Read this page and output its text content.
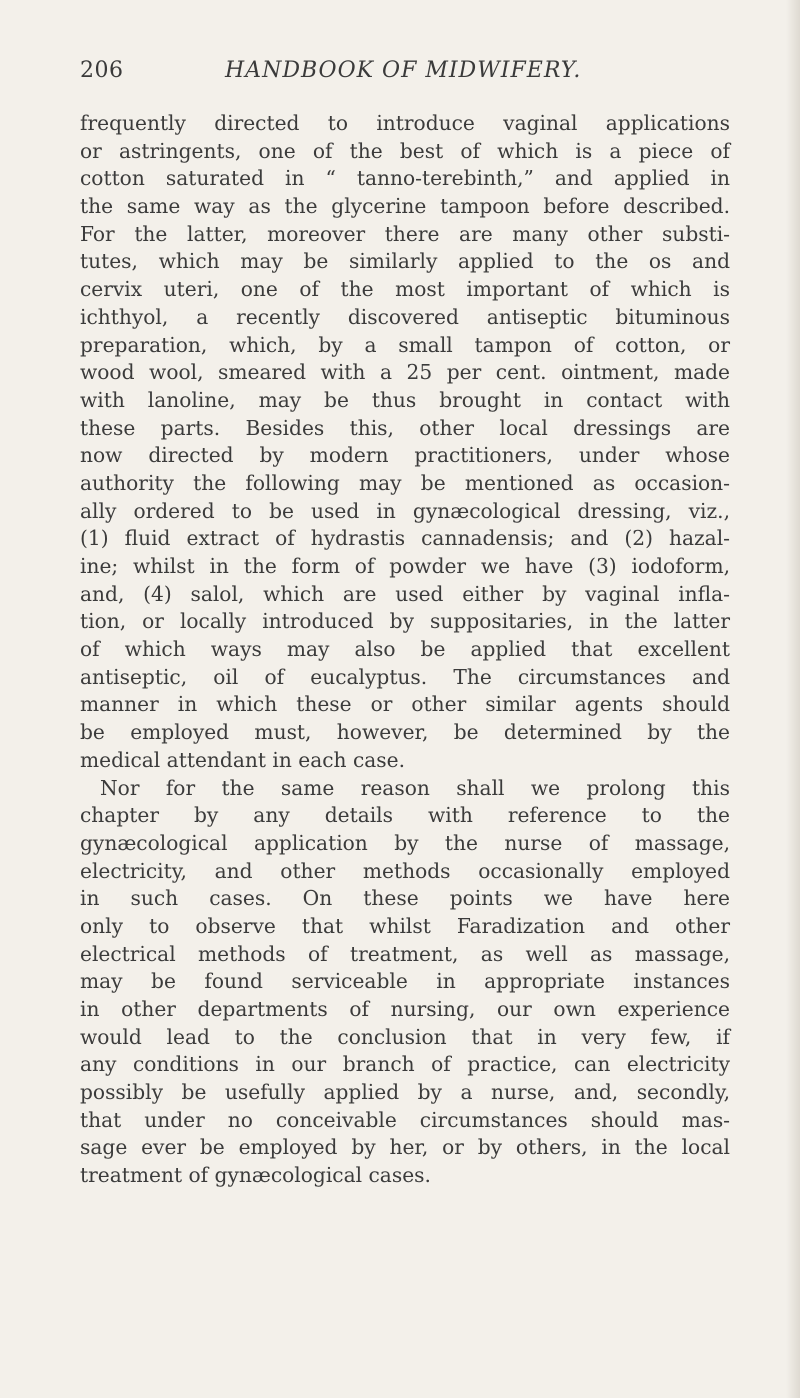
206	HANDBOOK OF MIDWIFERY.
frequently directed to introduce vaginal applications
or astringents, one of the best of which is a piece of
cotton saturated in “ tanno-terebinth,” and applied in
the same way as the glycerine tampoon before described.
For the latter, moreover there are many other substi-
tutes, which may be similarly applied to the os and
cervix uteri, one of the most important of which is
ichthyol, a recently discovered antiseptic bituminous
preparation, which, by a small tampon of cotton, or
wood wool, smeared with a 25 per cent. ointment, made
with lanoline, may be thus brought in contact with
these parts. Besides this, other local dressings are
now directed by modern practitioners, under whose
authority the following may be mentioned as occasion-
ally ordered to be used in gynæcological dressing, viz.,
(1) fluid extract of hydrastis cannadensis; and (2) hazal-
ine; whilst in the form of powder we have (3) iodoform,
and, (4) salol, which are used either by vaginal infla-
tion, or locally introduced by suppositaries, in the latter
of which ways may also be applied that excellent
antiseptic, oil of eucalyptus. The circumstances and
manner in which these or other similar agents should
be employed must, however, be determined by the
medical attendant in each case.
Nor for the same reason shall we prolong this
chapter by any details with reference to the
gynæcological application by the nurse of massage,
electricity, and other methods occasionally employed
in such cases. On these points we have here
only to observe that whilst Faradization and other
electrical methods of treatment, as well as massage,
may be found serviceable in appropriate instances
in other departments of nursing, our own experience
would lead to the conclusion that in very few, if
any conditions in our branch of practice, can electricity
possibly be usefully applied by a nurse, and, secondly,
that under no conceivable circumstances should mas-
sage ever be employed by her, or by others, in the local
treatment of gynæcological cases.
